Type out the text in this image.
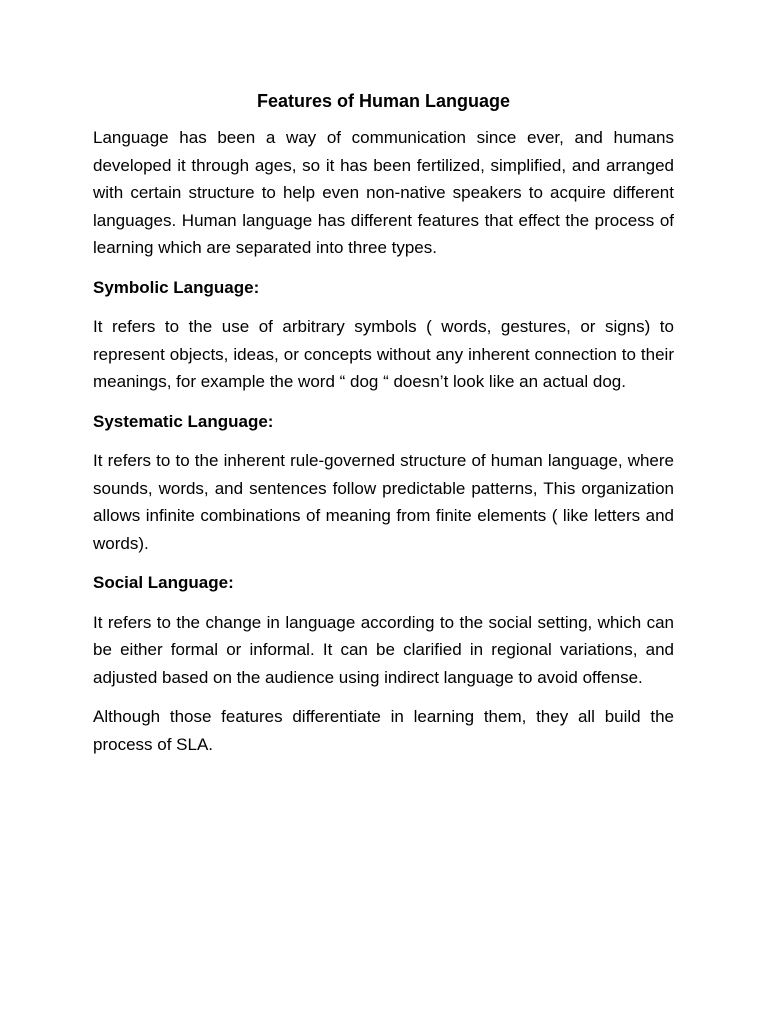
Features of Human Language

Language has been a way of communication since ever, and humans developed it through ages, so it has been fertilized, simplified, and arranged with certain structure to help even non-native speakers to acquire different languages. Human language has different features that effect the process of learning which are separated into three types.

Symbolic Language:

It refers to the use of arbitrary symbols ( words, gestures, or signs) to represent objects, ideas, or concepts without any inherent connection to their meanings, for example the word “ dog “ doesn’t look like an actual dog.

Systematic Language:

It refers to to the inherent rule-governed structure of human language, where sounds, words, and sentences follow predictable patterns, This organization allows infinite combinations of meaning from finite elements ( like letters and words).

Social Language:

It refers to the change in language according to the social setting, which can be either formal or informal. It can be clarified in regional variations, and adjusted based on the audience using indirect language to avoid offense.

Although those features differentiate in learning them, they all build the process of SLA.
